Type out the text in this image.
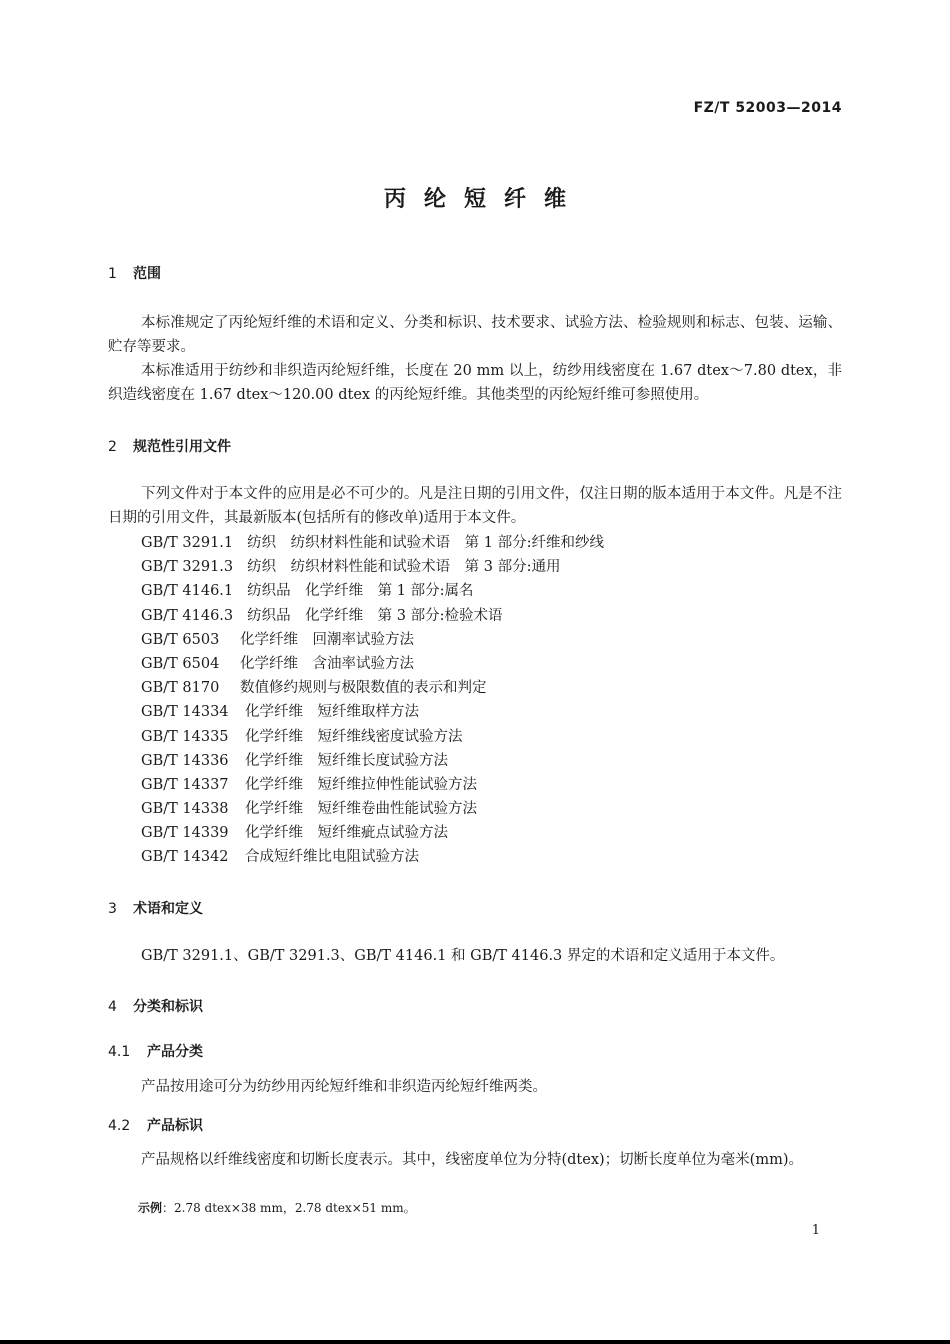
FZ/T 52003—2014
丙纶短纤维
1 范围

本标准规定了丙纶短纤维的术语和定义、分类和标识、技术要求、试验方法、检验规则和标志、包装、运输、贮存等要求。

本标准适用于纺纱和非织造丙纶短纤维，长度在 20 mm 以上，纺纱用线密度在 1.67 dtex～7.80 dtex，非织造线密度在 1.67 dtex～120.00 dtex 的丙纶短纤维。其他类型的丙纶短纤维可参照使用。

2 规范性引用文件

下列文件对于本文件的应用是必不可少的。凡是注日期的引用文件，仅注日期的版本适用于本文件。凡是不注日期的引用文件，其最新版本(包括所有的修改单)适用于本文件。

GB/T 3291.1 纺织　纺织材料性能和试验术语　第 1 部分:纤维和纱线
GB/T 3291.3 纺织　纺织材料性能和试验术语　第 3 部分:通用
GB/T 4146.1 纺织品　化学纤维　第 1 部分:属名
GB/T 4146.3 纺织品　化学纤维　第 3 部分:检验术语
GB/T 6503 化学纤维　回潮率试验方法
GB/T 6504 化学纤维　含油率试验方法
GB/T 8170 数值修约规则与极限数值的表示和判定
GB/T 14334 化学纤维　短纤维取样方法
GB/T 14335 化学纤维　短纤维线密度试验方法
GB/T 14336 化学纤维　短纤维长度试验方法
GB/T 14337 化学纤维　短纤维拉伸性能试验方法
GB/T 14338 化学纤维　短纤维卷曲性能试验方法
GB/T 14339 化学纤维　短纤维疵点试验方法
GB/T 14342 合成短纤维比电阻试验方法
3 术语和定义

GB/T 3291.1、GB/T 3291.3、GB/T 4146.1 和 GB/T 4146.3 界定的术语和定义适用于本文件。

4 分类和标识
4.1 产品分类

产品按用途可分为纺纱用丙纶短纤维和非织造丙纶短纤维两类。

4.2 产品标识

产品规格以纤维线密度和切断长度表示。其中，线密度单位为分特(dtex)；切断长度单位为毫米(mm)。

示例：2.78 dtex×38 mm，2.78 dtex×51 mm。
1
